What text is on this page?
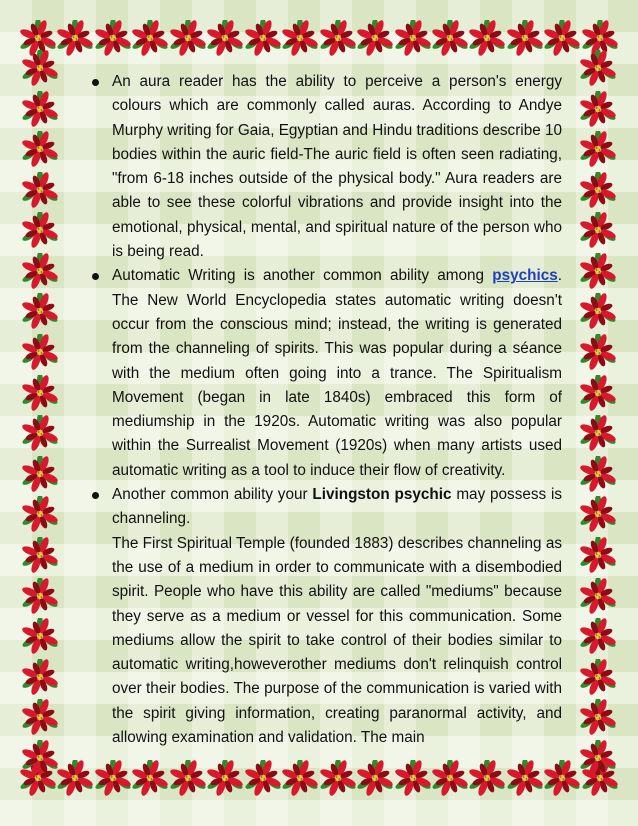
An aura reader has the ability to perceive a person's energy colours which are commonly called auras. According to Andye Murphy writing for Gaia, Egyptian and Hindu traditions describe 10 bodies within the auric field-The auric field is often seen radiating, "from 6-18 inches outside of the physical body." Aura readers are able to see these colorful vibrations and provide insight into the emotional, physical, mental, and spiritual nature of the person who is being read.
Automatic Writing is another common ability among psychics. The New World Encyclopedia states automatic writing doesn't occur from the conscious mind; instead, the writing is generated from the channeling of spirits. This was popular during a séance with the medium often going into a trance. The Spiritualism Movement (began in late 1840s) embraced this form of mediumship in the 1920s. Automatic writing was also popular within the Surrealist Movement (1920s) when many artists used automatic writing as a tool to induce their flow of creativity.
Another common ability your Livingston psychic may possess is channeling.

The First Spiritual Temple (founded 1883) describes channeling as the use of a medium in order to communicate with a disembodied spirit. People who have this ability are called "mediums" because they serve as a medium or vessel for this communication. Some mediums allow the spirit to take control of their bodies similar to automatic writing,howeverother mediums don't relinquish control over their bodies. The purpose of the communication is varied with the spirit giving information, creating paranormal activity, and allowing examination and validation. The main
